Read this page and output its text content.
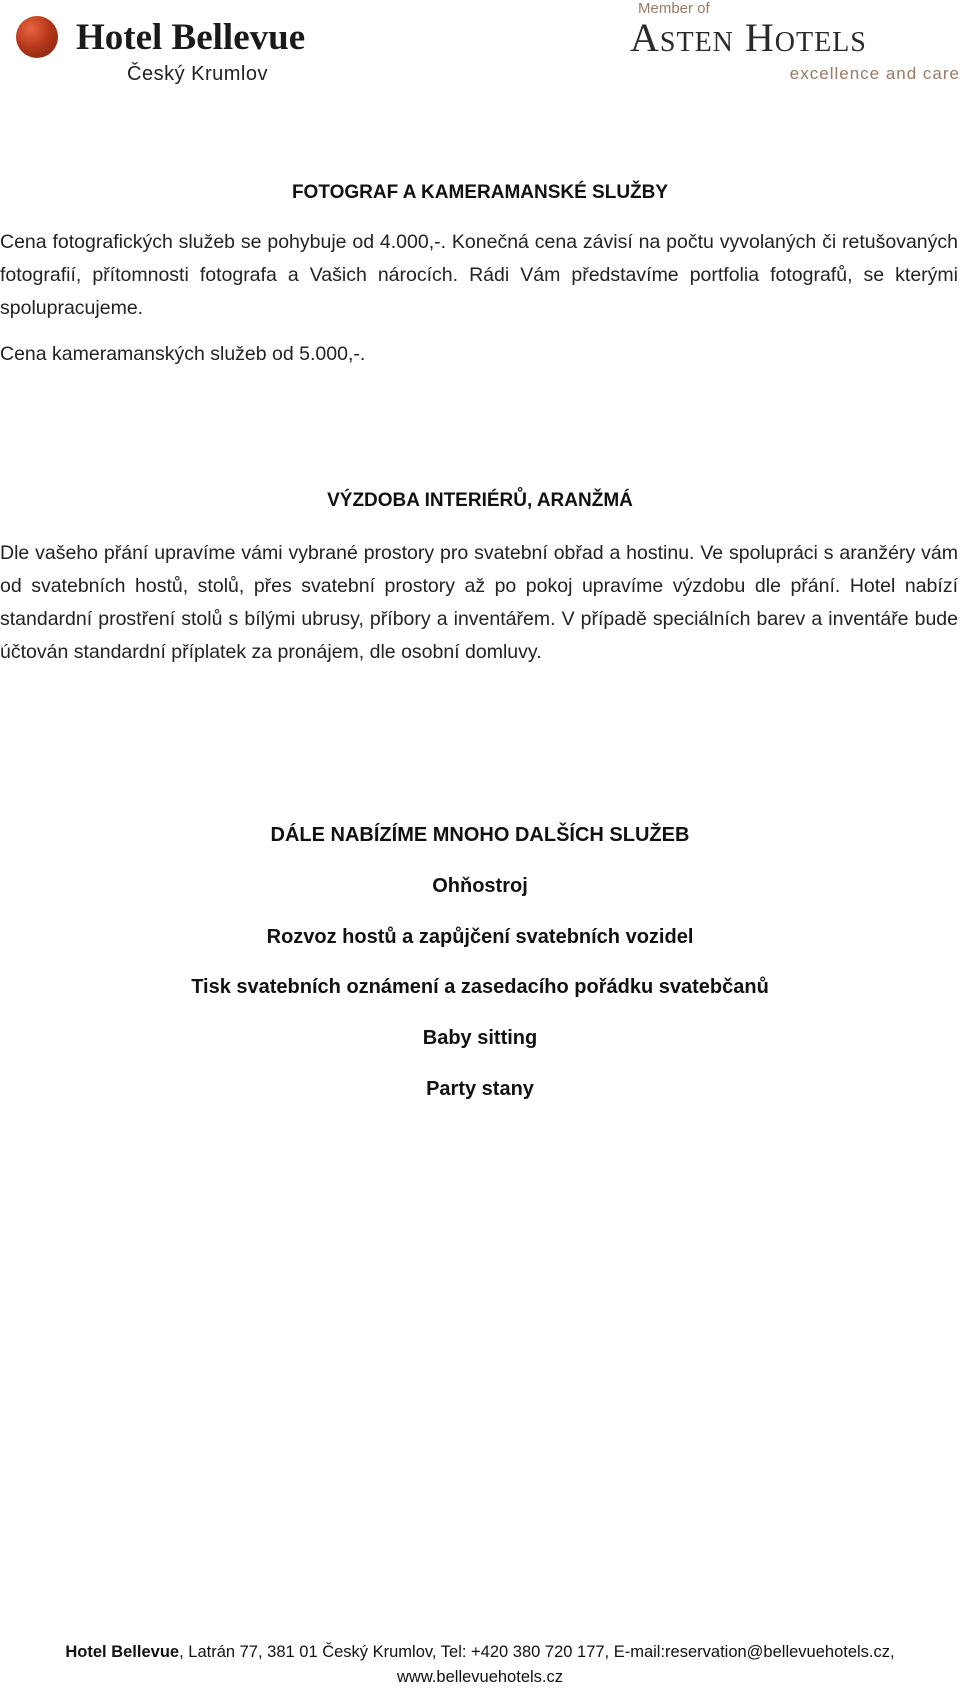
Hotel Bellevue
Český Krumlov
Member of
Asten Hotels
excellence and care
FOTOGRAF A KAMERAMANSKÉ SLUŽBY
Cena fotografických služeb se pohybuje od 4.000,-. Konečná cena závisí na počtu vyvolaných či retušovaných fotografií, přítomnosti fotografa a Vašich nárocích. Rádi Vám představíme portfolia fotografů, se kterými spolupracujeme.
Cena kameramanských služeb od 5.000,-.
VÝZDOBA INTERIÉRŮ, ARANŽMÁ
Dle vašeho přání upravíme vámi vybrané prostory pro svatební obřad a hostinu. Ve spolupráci s aranžéry vám od svatebních hostů, stolů, přes svatební prostory až po pokoj upravíme výzdobu dle přání. Hotel nabízí standardní prostření stolů s bílými ubrusy, příbory a inventářem. V případě speciálních barev a inventáře bude účtován standardní příplatek za pronájem, dle osobní domluvy.
DÁLE NABÍZÍME MNOHO DALŠÍCH SLUŽEB
Ohňostroj
Rozvoz hostů a zapůjčení svatebních vozidel
Tisk svatebních oznámení a zasedacího pořádku svatebčanů
Baby sitting
Party stany
Hotel Bellevue, Latrán 77, 381 01 Český Krumlov, Tel: +420 380 720 177, E-mail:reservation@bellevuehotels.cz,
www.bellevuehotels.cz
